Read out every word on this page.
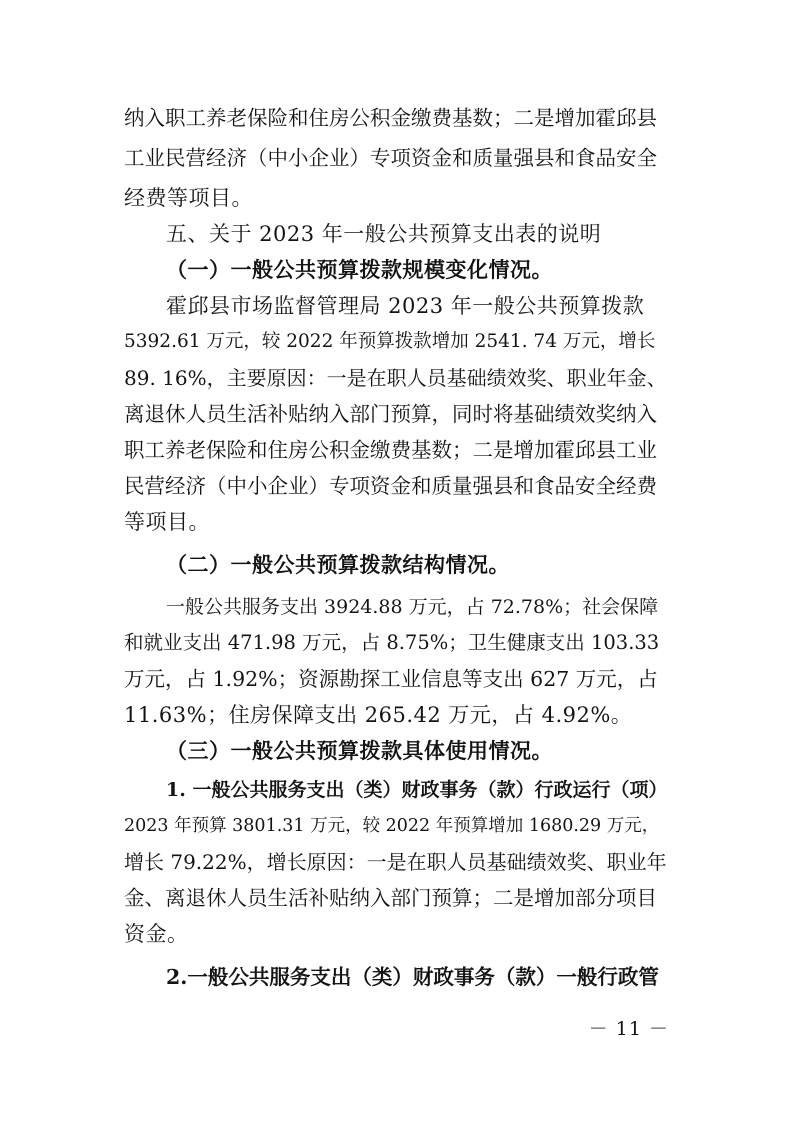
纳入职工养老保险和住房公积金缴费基数；二是增加霍邱县
工业民营经济（中小企业）专项资金和质量强县和食品安全
经费等项目。
五、关于 2023 年一般公共预算支出表的说明
（一）一般公共预算拨款规模变化情况。
霍邱县市场监督管理局 2023 年一般公共预算拨款
5392.61 万元，较 2022 年预算拨款增加 2541. 74 万元，增长
89. 16%，主要原因：一是在职人员基础绩效奖、职业年金、
离退休人员生活补贴纳入部门预算，同时将基础绩效奖纳入
职工养老保险和住房公积金缴费基数；二是增加霍邱县工业
民营经济（中小企业）专项资金和质量强县和食品安全经费
等项目。
（二）一般公共预算拨款结构情况。
一般公共服务支出 3924.88 万元，占 72.78%；社会保障
和就业支出 471.98 万元，占 8.75%；卫生健康支出 103.33
万元，占 1.92%；资源勘探工业信息等支出 627 万元，占
11.63%；住房保障支出 265.42 万元，占 4.92%。
（三）一般公共预算拨款具体使用情况。
1. 一般公共服务支出（类）财政事务（款）行政运行（项）
2023 年预算 3801.31 万元，较 2022 年预算增加 1680.29 万元，
增长 79.22%，增长原因：一是在职人员基础绩效奖、职业年
金、离退休人员生活补贴纳入部门预算；二是增加部分项目
资金。
2.一般公共服务支出（类）财政事务（款）一般行政管
－ 11 －
